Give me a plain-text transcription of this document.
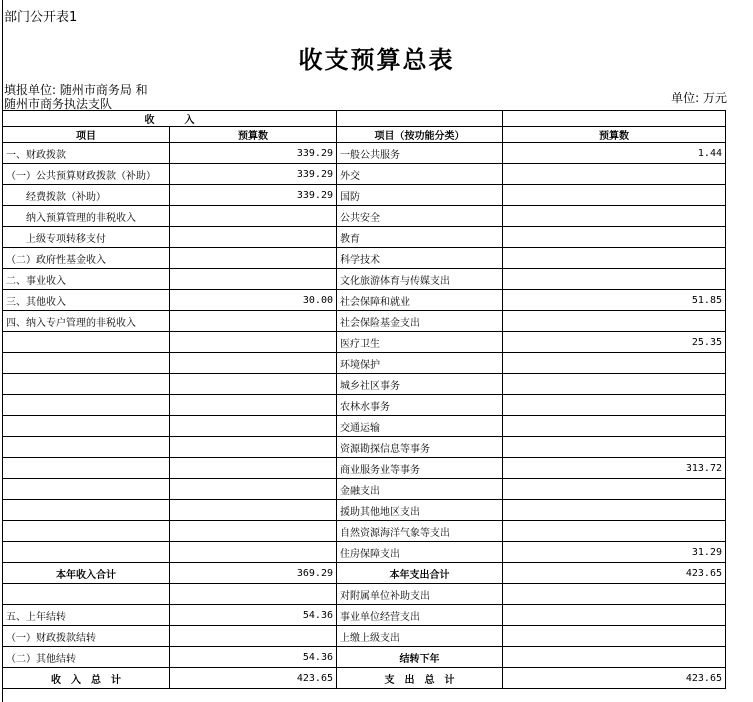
部门公开表1
收支预算总表
填报单位: 随州市商务局 和
随州市商务执法支队	单位: 万元
收　　　入			
项目	预算数	项目（按功能分类）	预算数
一、财政拨款	339.29	一般公共服务	1.44
（一）公共预算财政拨款（补助）	339.29	外交	
　　经费拨款（补助）	339.29	国防	
　　纳入预算管理的非税收入		公共安全	
　　上级专项转移支付		教育	
（二）政府性基金收入		科学技术	
二、事业收入		文化旅游体育与传媒支出	
三、其他收入	30.00	社会保障和就业	51.85
四、纳入专户管理的非税收入		社会保险基金支出	
		医疗卫生	25.35
		环境保护	
		城乡社区事务	
		农林水事务	
		交通运输	
		资源勘探信息等事务	
		商业服务业等事务	313.72
		金融支出	
		援助其他地区支出	
		自然资源海洋气象等支出	
		住房保障支出	31.29
本年收入合计	369.29	本年支出合计	423.65
		对附属单位补助支出	
五、上年结转	54.36	事业单位经营支出	
（一）财政拨款结转		上缴上级支出	
（二）其他结转	54.36	结转下年	
收　入　总　计	423.65	支　出　总　计	423.65
